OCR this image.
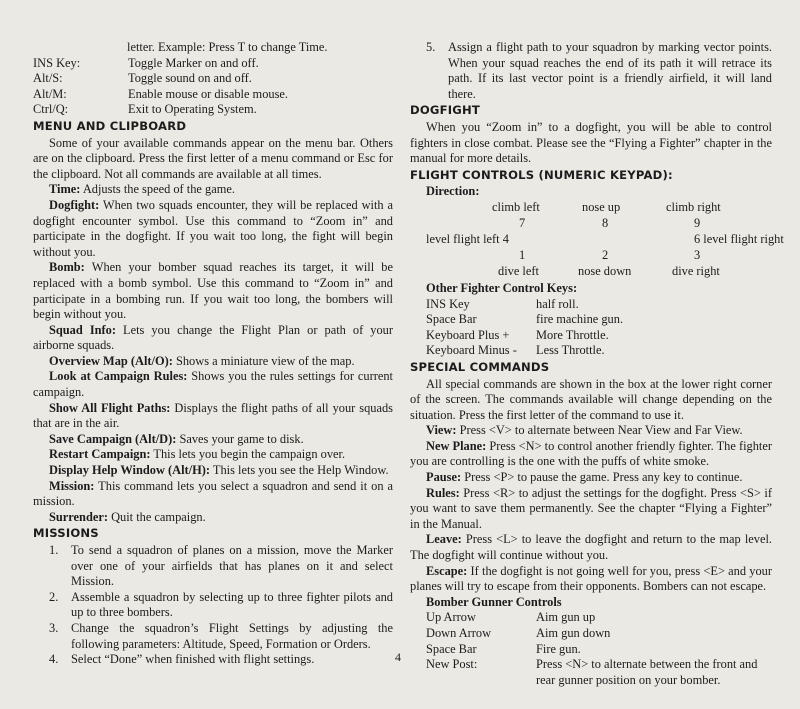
letter. Example: Press T to change Time.
INS Key:	Toggle Marker on and off.
Alt/S:	Toggle sound on and off.
Alt/M:	Enable mouse or disable mouse.
Ctrl/Q:	Exit to Operating System.
MENU AND CLIPBOARD

Some of your available commands appear on the menu bar. Others are on the clipboard. Press the first letter of a menu command or Esc for the clipboard. Not all commands are available at all times.

Time: Adjusts the speed of the game.

Dogfight: When two squads encounter, they will be replaced with a dogfight encounter symbol. Use this command to “Zoom in” and participate in the dogfight. If you wait too long, the fight will begin without you.

Bomb: When your bomber squad reaches its target, it will be replaced with a bomb symbol. Use this command to “Zoom in” and participate in a bombing run. If you wait too long, the bombers will begin without you.

Squad Info: Lets you change the Flight Plan or path of your airborne squads.

Overview Map (Alt/O): Shows a miniature view of the map.

Look at Campaign Rules: Shows you the rules settings for current campaign.

Show All Flight Paths: Displays the flight paths of all your squads that are in the air.

Save Campaign (Alt/D): Saves your game to disk.

Restart Campaign: This lets you begin the campaign over.

Display Help Window (Alt/H): This lets you see the Help Window.

Mission: This command lets you select a squadron and send it on a mission.

Surrender: Quit the campaign.

MISSIONS
1.	To send a squadron of planes on a mission, move the Marker over one of your airfields that has planes on it and select Mission.
2.	Assemble a squadron by selecting up to three fighter pilots and up to three bombers.
3.	Change the squadron’s Flight Settings by adjusting the following parameters: Altitude, Speed, Formation or Orders.
4.	Select “Done” when finished with flight settings.
5.	Assign a flight path to your squadron by marking vector points. When your squad reaches the end of its path it will retrace its path. If its last vector point is a friendly airfield, it will land there.
DOGFIGHT

When you “Zoom in” to a dogfight, you will be able to control fighters in close combat. Please see the “Flying a Fighter” chapter in the manual for more details.

FLIGHT CONTROLS (NUMERIC KEYPAD):
Direction:
climb left	nose up	climb right
7	8	9
level flight left 4	6 level flight right
1	2	3
dive left	nose down	dive right
Other Fighter Control Keys:
INS Key	half roll.
Space Bar	fire machine gun.
Keyboard Plus +	More Throttle.
Keyboard Minus -	Less Throttle.
SPECIAL COMMANDS

All special commands are shown in the box at the lower right corner of the screen. The commands available will change depending on the situation. Press the first letter of the command to use it.

View: Press <V> to alternate between Near View and Far View.

New Plane: Press <N> to control another friendly fighter. The fighter you are controlling is the one with the puffs of white smoke.

Pause: Press <P> to pause the game. Press any key to continue.

Rules: Press <R> to adjust the settings for the dogfight. Press <S> if you want to save them permanently. See the chapter “Flying a Fighter” in the Manual.

Leave: Press <L> to leave the dogfight and return to the map level. The dogfight will continue without you.

Escape: If the dogfight is not going well for you, press <E> and your planes will try to escape from their opponents. Bombers can not escape.

Bomber Gunner Controls
Up Arrow	Aim gun up
Down Arrow	Aim gun down
Space Bar	Fire gun.
New Post:	Press <N> to alternate between the front and rear gunner position on your bomber.
4
